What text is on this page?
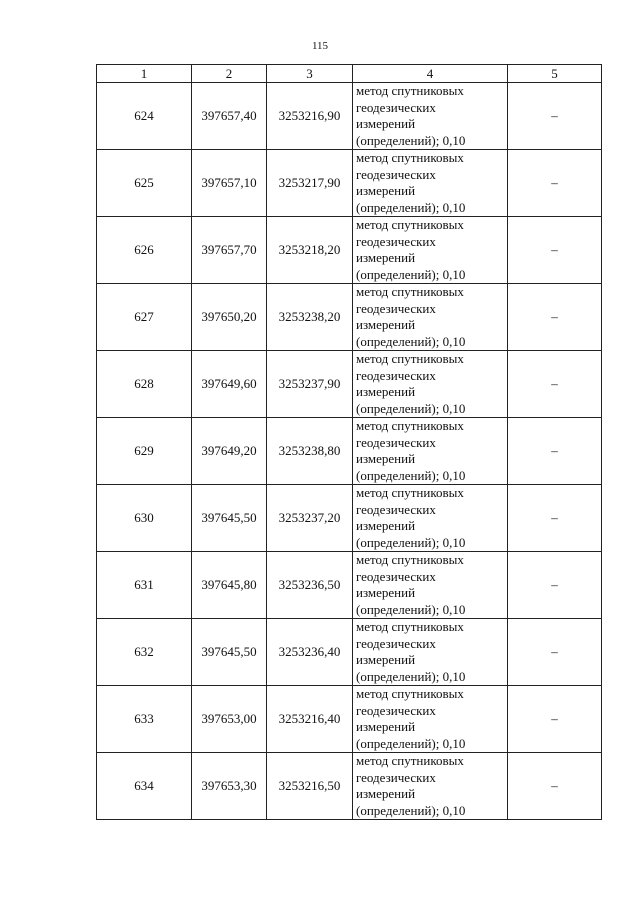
115
1	2	3	4	5
624	397657,40	3253216,90	метод спутниковых
геодезических
измерений
(определений); 0,10	–
625	397657,10	3253217,90	метод спутниковых
геодезических
измерений
(определений); 0,10	–
626	397657,70	3253218,20	метод спутниковых
геодезических
измерений
(определений); 0,10	–
627	397650,20	3253238,20	метод спутниковых
геодезических
измерений
(определений); 0,10	–
628	397649,60	3253237,90	метод спутниковых
геодезических
измерений
(определений); 0,10	–
629	397649,20	3253238,80	метод спутниковых
геодезических
измерений
(определений); 0,10	–
630	397645,50	3253237,20	метод спутниковых
геодезических
измерений
(определений); 0,10	–
631	397645,80	3253236,50	метод спутниковых
геодезических
измерений
(определений); 0,10	–
632	397645,50	3253236,40	метод спутниковых
геодезических
измерений
(определений); 0,10	–
633	397653,00	3253216,40	метод спутниковых
геодезических
измерений
(определений); 0,10	–
634	397653,30	3253216,50	метод спутниковых
геодезических
измерений
(определений); 0,10	–
